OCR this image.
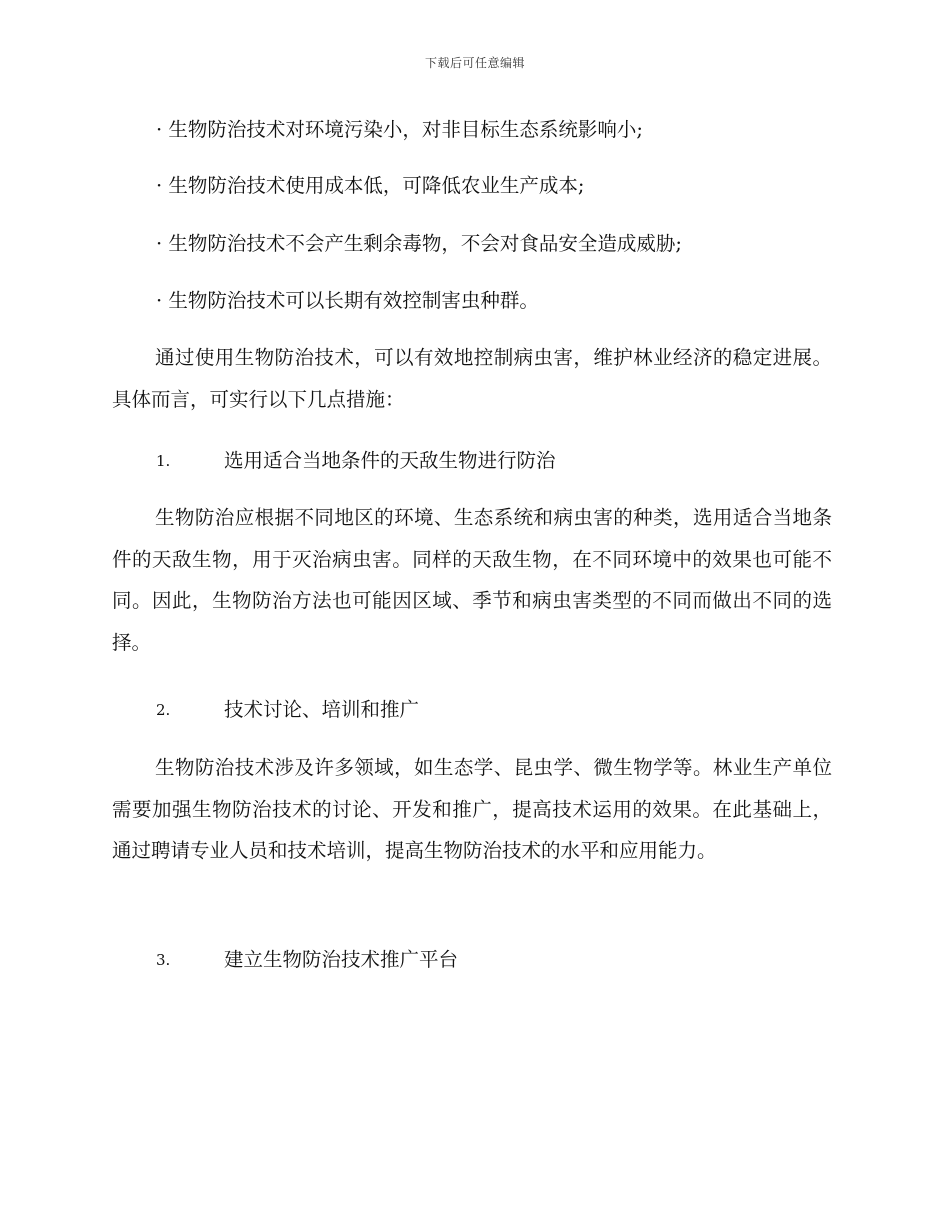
下载后可任意编辑
· 生物防治技术对环境污染小，对非目标生态系统影响小;
· 生物防治技术使用成本低，可降低农业生产成本;
· 生物防治技术不会产生剩余毒物，不会对食品安全造成威胁;
· 生物防治技术可以长期有效控制害虫种群。
通过使用生物防治技术，可以有效地控制病虫害，维护林业经济的稳定进展。具体而言，可实行以下几点措施：
1.	选用适合当地条件的天敌生物进行防治
生物防治应根据不同地区的环境、生态系统和病虫害的种类，选用适合当地条件的天敌生物，用于灭治病虫害。同样的天敌生物，在不同环境中的效果也可能不同。因此，生物防治方法也可能因区域、季节和病虫害类型的不同而做出不同的选择。
2.	技术讨论、培训和推广
生物防治技术涉及许多领域，如生态学、昆虫学、微生物学等。林业生产单位需要加强生物防治技术的讨论、开发和推广，提高技术运用的效果。在此基础上，通过聘请专业人员和技术培训，提高生物防治技术的水平和应用能力。
3.	建立生物防治技术推广平台
